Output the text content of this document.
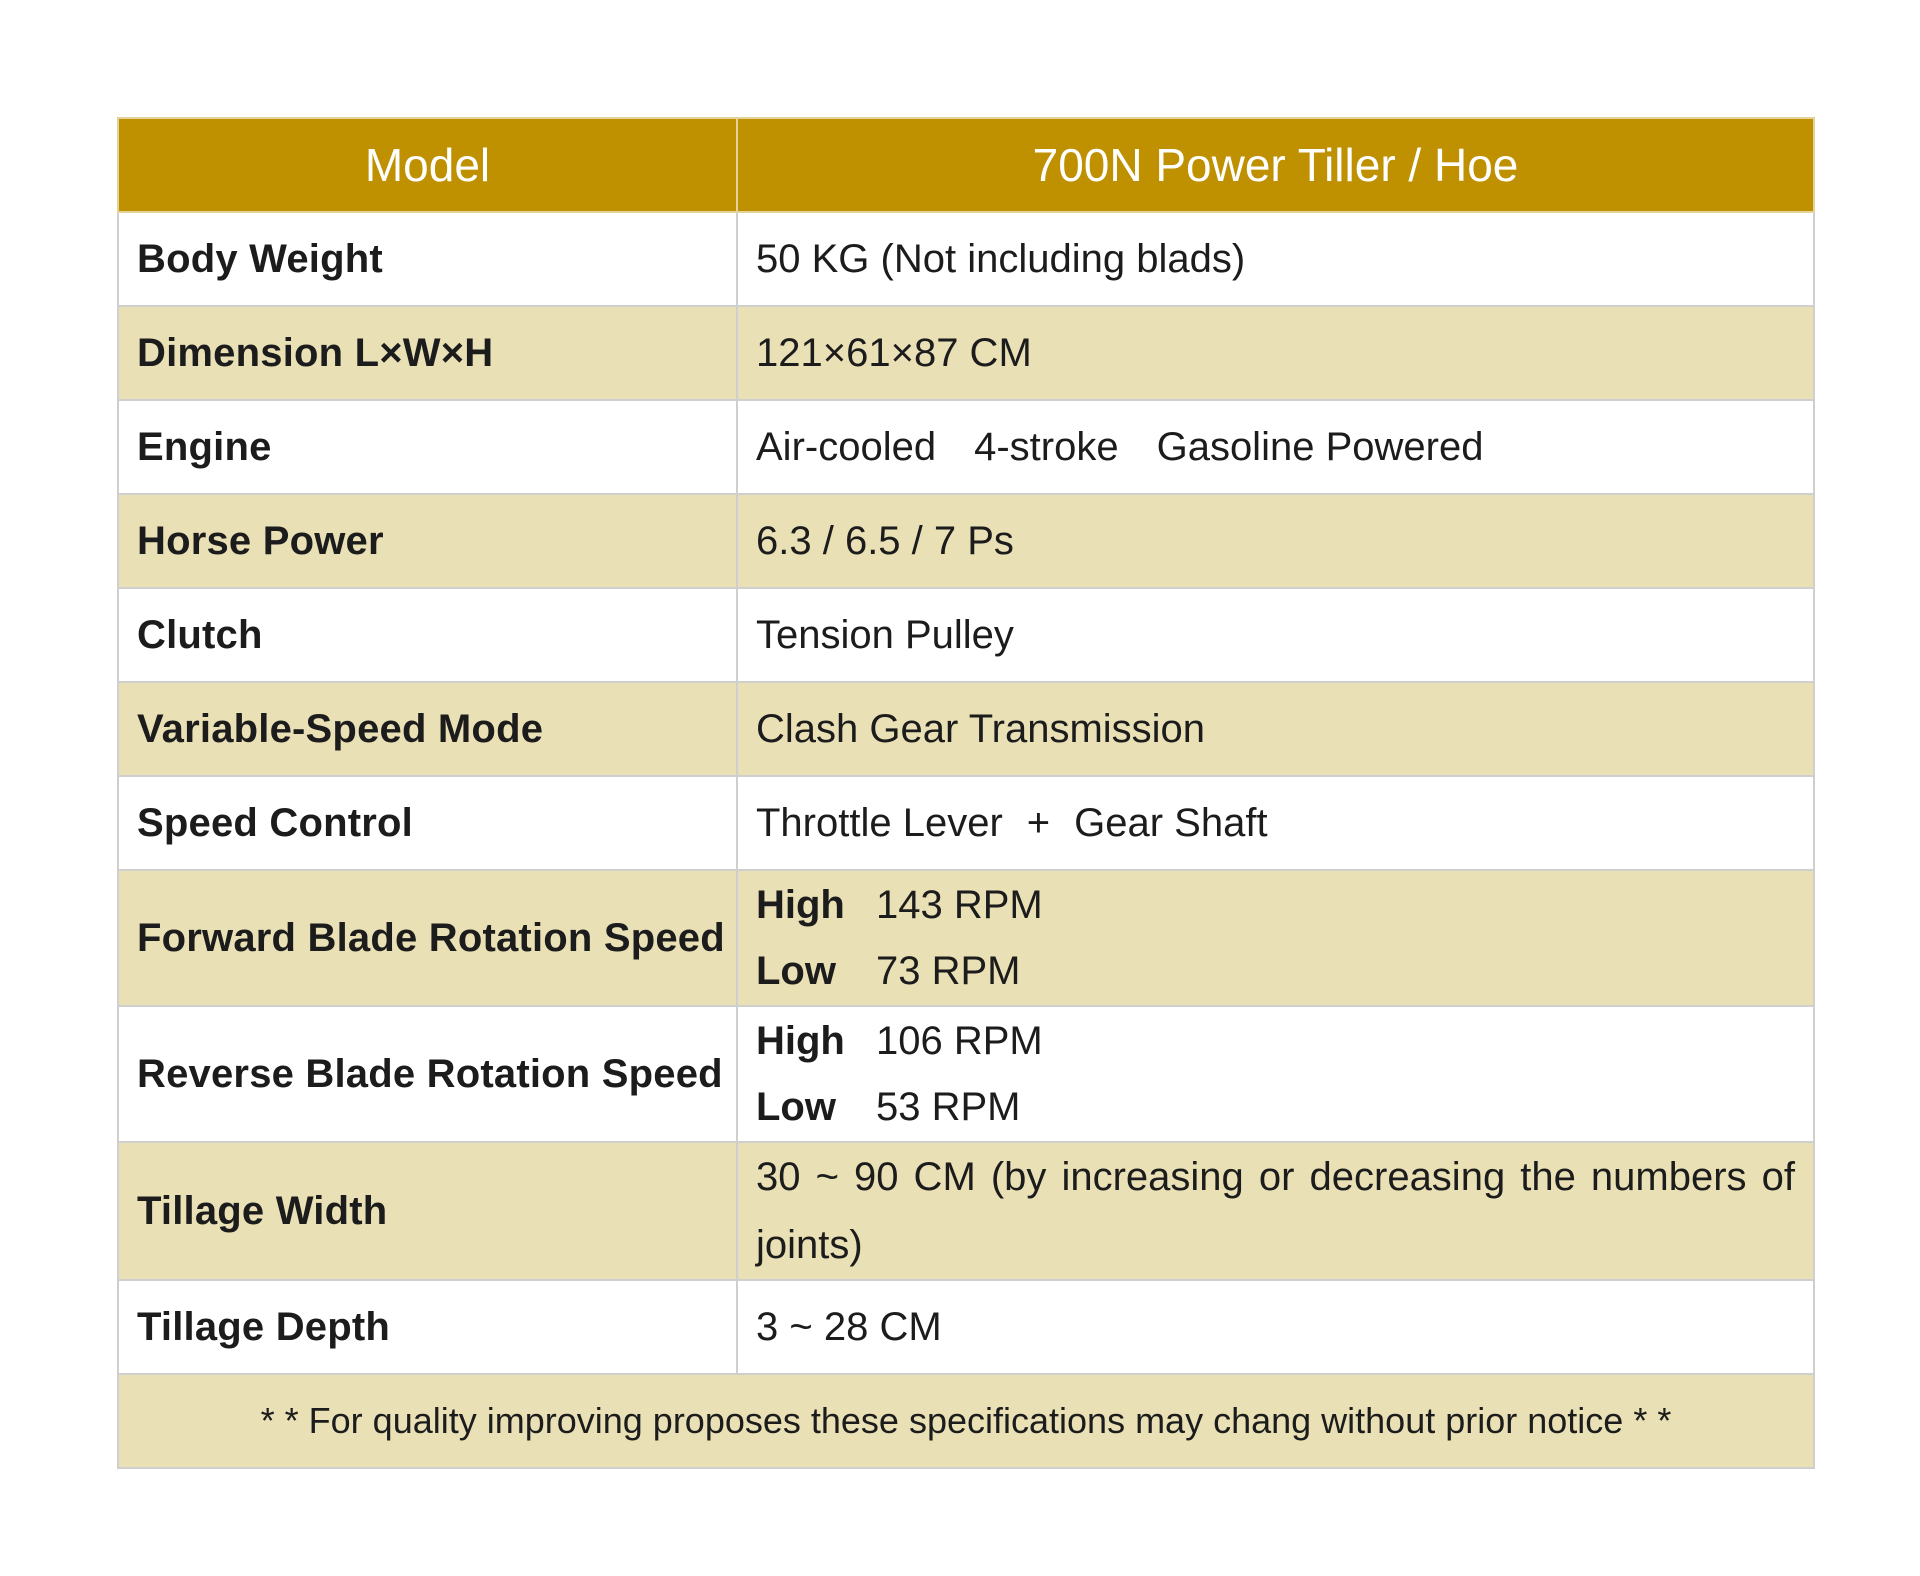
Model	700N Power Tiller / Hoe
Body Weight	50 KG (Not including blads)
Dimension L×W×H	121×61×87 CM
Engine	Air-cooled 4-stroke Gasoline Powered
Horse Power	6.3 / 6.5 / 7 Ps
Clutch	Tension Pulley
Variable-Speed Mode	Clash Gear Transmission
Speed Control	Throttle Lever + Gear Shaft
Forward Blade Rotation Speed	High 143 RPM
Low 73 RPM

Reverse Blade Rotation Speed	High 106 RPM
Low 53 RPM

Tillage Width	30 ~ 90 CM (by increasing or decreasing the numbers of joints)

Tillage Depth	3 ~ 28 CM
* * For quality improving proposes these specifications may chang without prior notice * *	
